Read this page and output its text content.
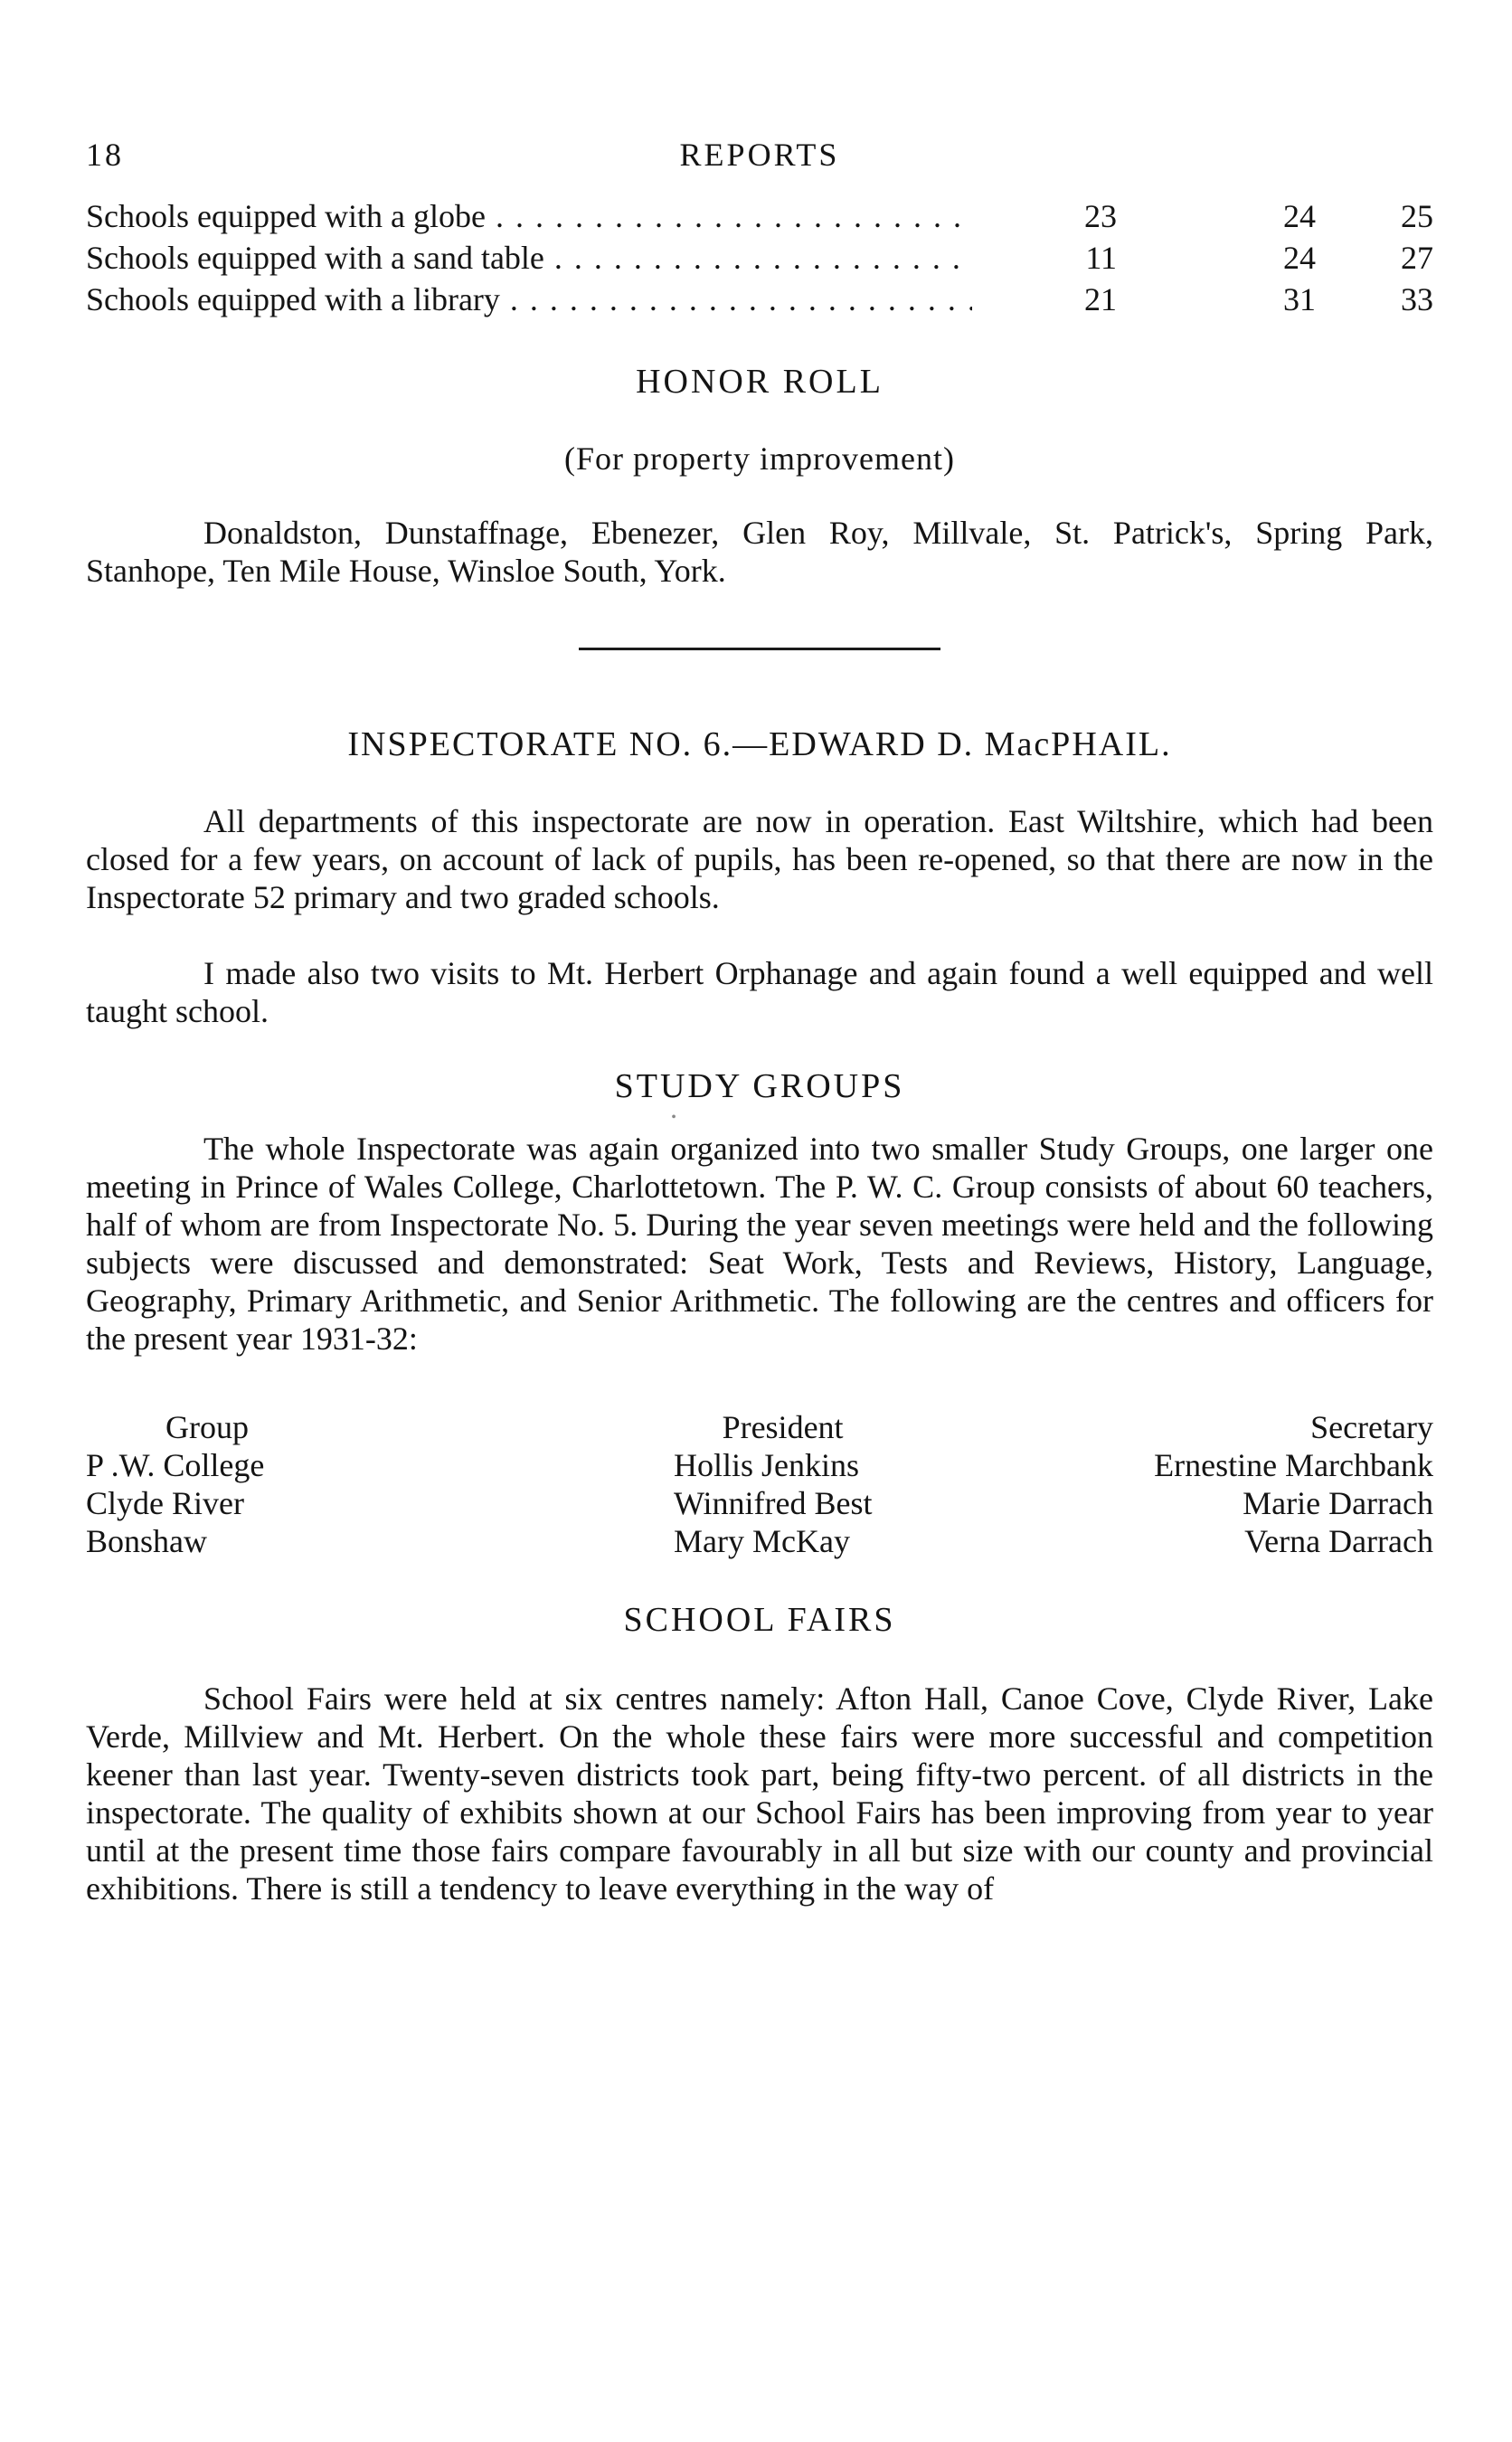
18	REPORTS
Schools equipped with a globe . . .	23	24	25
Schools equipped with a sand table . . .	11	24	27
Schools equipped with a library . . .	21	31	33
HONOR ROLL
(For property improvement)

Donaldston, Dunstaffnage, Ebenezer, Glen Roy, Millvale, St. Patrick's, Spring Park, Stanhope, Ten Mile House, Winsloe South, York.

INSPECTORATE NO. 6.—EDWARD D. MacPHAIL.

All departments of this inspectorate are now in operation. East Wiltshire, which had been closed for a few years, on account of lack of pupils, has been re-opened, so that there are now in the Inspectorate 52 primary and two graded schools.

I made also two visits to Mt. Herbert Orphanage and again found a well equipped and well taught school.

STUDY GROUPS
•

The whole Inspectorate was again organized into two smaller Study Groups, one larger one meeting in Prince of Wales College, Charlottetown. The P. W. C. Group consists of about 60 teachers, half of whom are from Inspectorate No. 5. During the year seven meetings were held and the following subjects were discussed and demonstrated: Seat Work, Tests and Reviews, History, Language, Geography, Primary Arithmetic, and Senior Arithmetic. The following are the centres and officers for the present year 1931-32:

Group	President	Secretary
P .W. College	Hollis Jenkins	Ernestine Marchbank
Clyde River	Winnifred Best	Marie Darrach
Bonshaw	Mary McKay	Verna Darrach
SCHOOL FAIRS

School Fairs were held at six centres namely: Afton Hall, Canoe Cove, Clyde River, Lake Verde, Millview and Mt. Herbert. On the whole these fairs were more successful and competition keener than last year. Twenty-seven districts took part, being fifty-two percent. of all districts in the inspectorate. The quality of exhibits shown at our School Fairs has been improving from year to year until at the present time those fairs compare favourably in all but size with our county and provincial exhibitions. There is still a tendency to leave everything in the way of
